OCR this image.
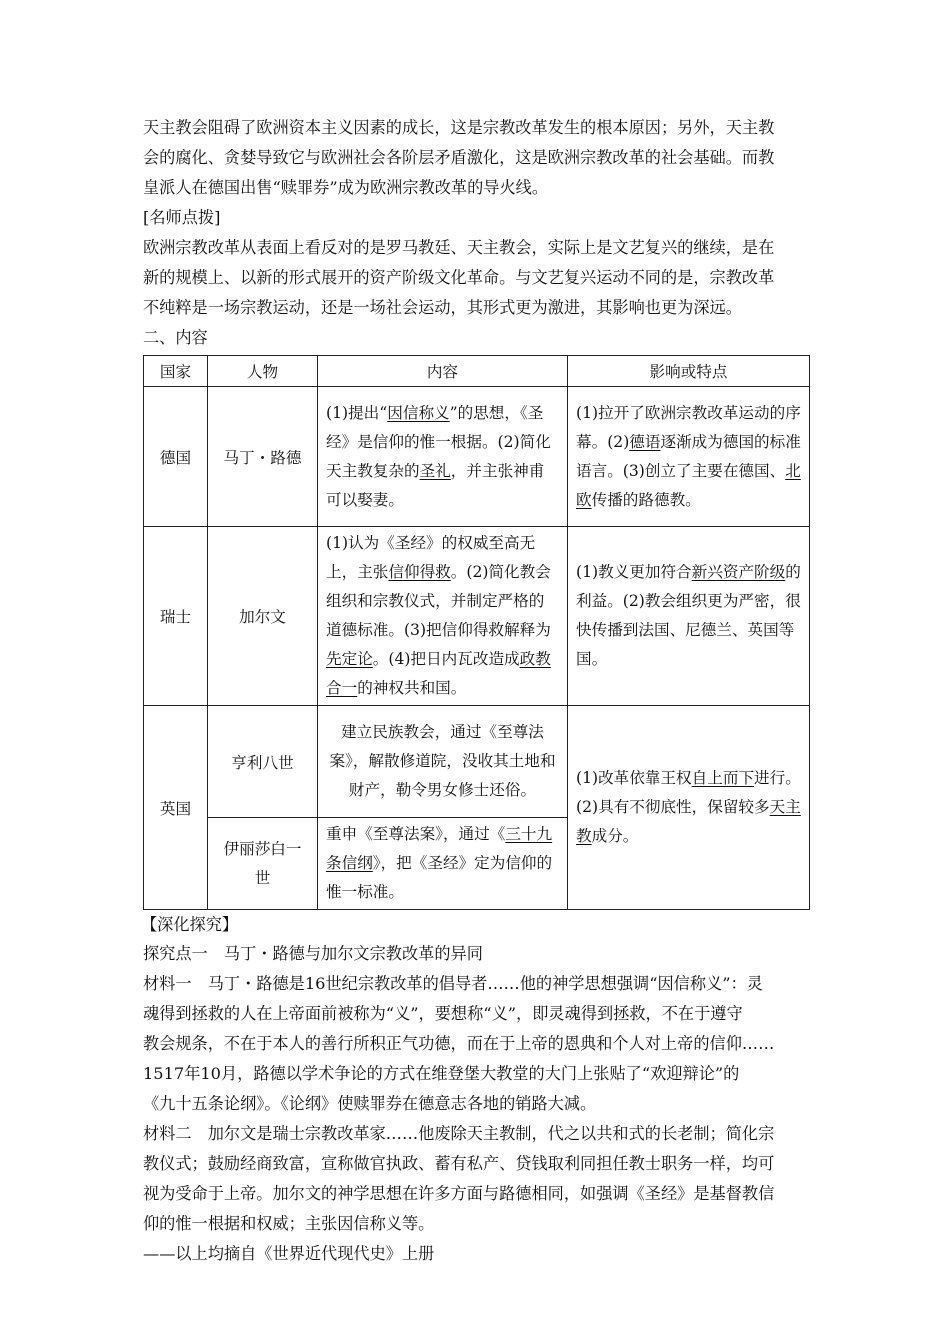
天主教会阻碍了欧洲资本主义因素的成长，这是宗教改革发生的根本原因；另外，天主教

会的腐化、贪婪导致它与欧洲社会各阶层矛盾激化，这是欧洲宗教改革的社会基础。而教

皇派人在德国出售“赎罪券”成为欧洲宗教改革的导火线。

[名师点拨]

欧洲宗教改革从表面上看反对的是罗马教廷、天主教会，实际上是文艺复兴的继续，是在

新的规模上、以新的形式展开的资产阶级文化革命。与文艺复兴运动不同的是，宗教改革

不纯粹是一场宗教运动，还是一场社会运动，其形式更为激进，其影响也更为深远。

二、内容

国家	人物	内容	影响或特点
德国	马丁・路德	(1)提出“因信称义”的思想，《圣经》是信仰的惟一根据。(2)简化天主教复杂的圣礼，并主张神甫可以娶妻。	(1)拉开了欧洲宗教改革运动的序幕。(2)德语逐渐成为德国的标准语言。(3)创立了主要在德国、北欧传播的路德教。

瑞士	加尔文	(1)认为《圣经》的权威至高无上，主张信仰得救。(2)简化教会组织和宗教仪式，并制定严格的道德标准。(3)把信仰得救解释为先定论。(4)把日内瓦改造成政教合一的神权共和国。	(1)教义更加符合新兴资产阶级的利益。(2)教会组织更为严密，很快传播到法国、尼德兰、英国等国。

英国	亨利八世	建立民族教会，通过《至尊法案》，解散修道院，没收其土地和财产，勒令男女修士还俗。	(1)改革依靠王权自上而下进行。(2)具有不彻底性，保留较多天主教成分。

	伊丽莎白一世	重申《至尊法案》，通过《三十九条信纲》，把《圣经》定为信仰的惟一标准。	

【深化探究】

探究点一　马丁・路德与加尔文宗教改革的异同

材料一　马丁・路德是16世纪宗教改革的倡导者……他的神学思想强调“因信称义”：灵

魂得到拯救的人在上帝面前被称为“义”，要想称“义”，即灵魂得到拯救，不在于遵守

教会规条，不在于本人的善行所积正气功德，而在于上帝的恩典和个人对上帝的信仰……

1517年10月，路德以学术争论的方式在维登堡大教堂的大门上张贴了“欢迎辩论”的

《九十五条论纲》。《论纲》使赎罪券在德意志各地的销路大减。

材料二　加尔文是瑞士宗教改革家……他废除天主教制，代之以共和式的长老制；简化宗

教仪式；鼓励经商致富，宣称做官执政、蓄有私产、贷钱取利同担任教士职务一样，均可

视为受命于上帝。加尔文的神学思想在许多方面与路德相同，如强调《圣经》是基督教信

仰的惟一根据和权威；主张因信称义等。

——以上均摘自《世界近代现代史》上册
